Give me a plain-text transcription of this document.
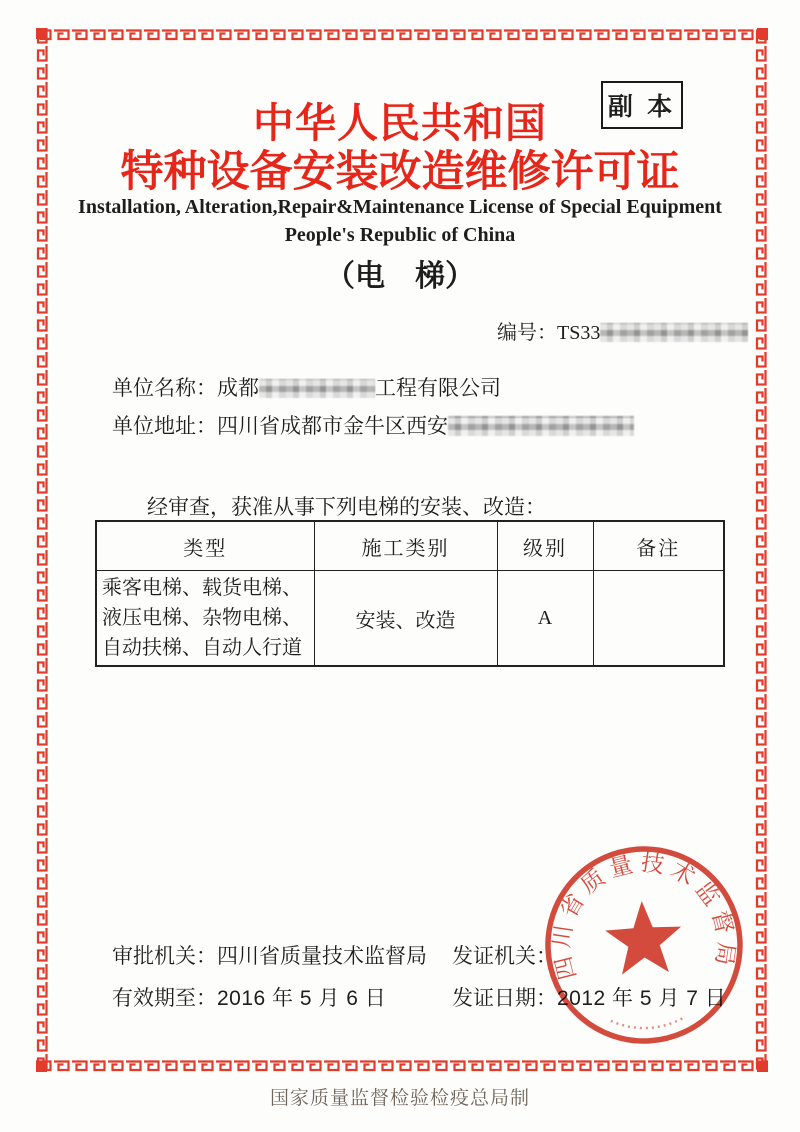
副 本
中华人民共和国
特种设备安装改造维修许可证
Installation, Alteration,Repair&Maintenance License of Special Equipment
People's Republic of China
（电　梯）
编号：TS33
单位名称：成都	工程有限公司
单位地址：四川省成都市金牛区西安
经审查，获准从事下列电梯的安装、改造：
类型	施工类别	级别	备注

乘客电梯、载货电梯、
液压电梯、杂物电梯、
自动扶梯、自动人行道	安装、改造	A	
审批机关：四川省质量技术监督局 发证机关：
有效期至：2016 年 5 月 6 日	发证日期：2012 年 5 月 7 日
四川省质量技术监督局
国家质量监督检验检疫总局制
